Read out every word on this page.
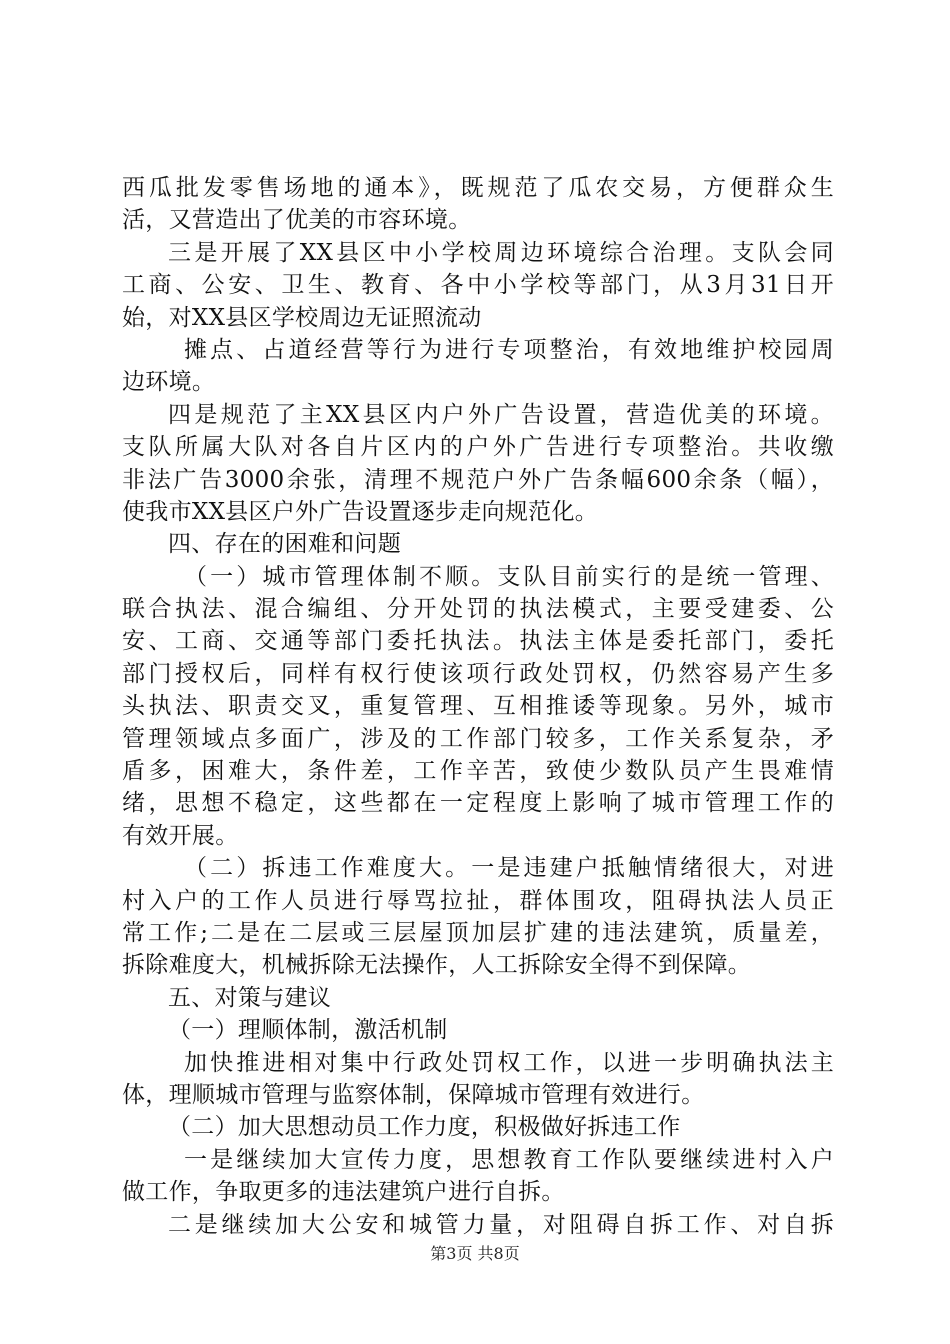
西瓜批发零售场地的通本》，既规范了瓜农交易，方便群众生
活，又营造出了优美的市容环境。
三是开展了XX县区中小学校周边环境综合治理。支队会同
工商、公安、卫生、教育、各中小学校等部门，从3月31日开
始，对XX县区学校周边无证照流动
摊点、占道经营等行为进行专项整治，有效地维护校园周
边环境。
四是规范了主XX县区内户外广告设置，营造优美的环境。
支队所属大队对各自片区内的户外广告进行专项整治。共收缴
非法广告3000余张，清理不规范户外广告条幅600余条（幅），
使我市XX县区户外广告设置逐步走向规范化。
四、存在的困难和问题
（一）城市管理体制不顺。支队目前实行的是统一管理、
联合执法、混合编组、分开处罚的执法模式，主要受建委、公
安、工商、交通等部门委托执法。执法主体是委托部门，委托
部门授权后，同样有权行使该项行政处罚权，仍然容易产生多
头执法、职责交叉，重复管理、互相推诿等现象。另外，城市
管理领域点多面广，涉及的工作部门较多，工作关系复杂，矛
盾多，困难大，条件差，工作辛苦，致使少数队员产生畏难情
绪，思想不稳定，这些都在一定程度上影响了城市管理工作的
有效开展。
（二）拆违工作难度大。一是违建户抵触情绪很大，对进
村入户的工作人员进行辱骂拉扯，群体围攻，阻碍执法人员正
常工作;二是在二层或三层屋顶加层扩建的违法建筑，质量差，
拆除难度大，机械拆除无法操作，人工拆除安全得不到保障。
五、对策与建议
（一）理顺体制，激活机制
加快推进相对集中行政处罚权工作，以进一步明确执法主
体，理顺城市管理与监察体制，保障城市管理有效进行。
（二）加大思想动员工作力度，积极做好拆违工作
一是继续加大宣传力度，思想教育工作队要继续进村入户
做工作，争取更多的违法建筑户进行自拆。
二是继续加大公安和城管力量，对阻碍自拆工作、对自拆
第3页 共8页
